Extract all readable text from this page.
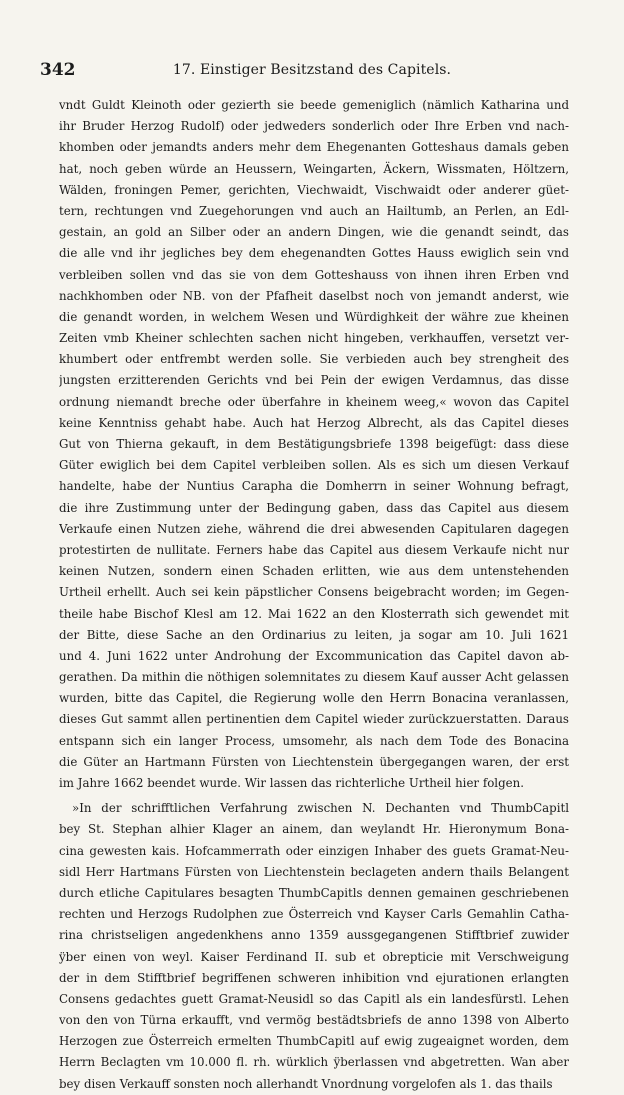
342	17. Einstiger Besitzstand des Capitels.
vndt Guldt Kleinoth oder gezierth sie beede gemeniglich (nämlich Katharina und
ihr Bruder Herzog Rudolf) oder jedweders sonderlich oder Ihre Erben vnd nach-
khomben oder jemandts anders mehr dem Ehegenanten Gotteshaus damals geben
hat, noch geben würde an Heussern, Weingarten, Äckern, Wissmaten, Höltzern,
Wälden, froningen Pemer, gerichten, Viechwaidt, Vischwaidt oder anderer güet-
tern, rechtungen vnd Zuegehorungen vnd auch an Hailtumb, an Perlen, an Edl-
gestain, an gold an Silber oder an andern Dingen, wie die genandt seindt, das
die alle vnd ihr jegliches bey dem ehegenandten Gottes Hauss ewiglich sein vnd
verbleiben sollen vnd das sie von dem Gotteshauss von ihnen ihren Erben vnd
nachkhomben oder NB. von der Pfafheit daselbst noch von jemandt anderst, wie
die genandt worden, in welchem Wesen und Würdighkeit der währe zue kheinen
Zeiten vmb Kheiner schlechten sachen nicht hingeben, verkhauffen, versetzt ver-
khumbert oder entfrembt werden solle. Sie verbieden auch bey strengheit des
jungsten erzitterenden Gerichts vnd bei Pein der ewigen Verdamnus, das disse
ordnung niemandt breche oder überfahre in kheinem weeg,« wovon das Capitel
keine Kenntniss gehabt habe. Auch hat Herzog Albrecht, als das Capitel dieses
Gut von Thierna gekauft, in dem Bestätigungsbriefe 1398 beigefügt: dass diese
Güter ewiglich bei dem Capitel verbleiben sollen. Als es sich um diesen Verkauf
handelte, habe der Nuntius Carapha die Domherrn in seiner Wohnung befragt,
die ihre Zustimmung unter der Bedingung gaben, dass das Capitel aus diesem
Verkaufe einen Nutzen ziehe, während die drei abwesenden Capitularen dagegen
protestirten de nullitate. Ferners habe das Capitel aus diesem Verkaufe nicht nur
keinen Nutzen, sondern einen Schaden erlitten, wie aus dem untenstehenden
Urtheil erhellt. Auch sei kein päpstlicher Consens beigebracht worden; im Gegen-
theile habe Bischof Klesl am 12. Mai 1622 an den Klosterrath sich gewendet mit
der Bitte, diese Sache an den Ordinarius zu leiten, ja sogar am 10. Juli 1621
und 4. Juni 1622 unter Androhung der Excommunication das Capitel davon ab-
gerathen. Da mithin die nöthigen solemnitates zu diesem Kauf ausser Acht gelassen
wurden, bitte das Capitel, die Regierung wolle den Herrn Bonacina veranlassen,
dieses Gut sammt allen pertinentien dem Capitel wieder zurückzuerstatten. Daraus
entspann sich ein langer Process, umsomehr, als nach dem Tode des Bonacina
die Güter an Hartmann Fürsten von Liechtenstein übergegangen waren, der erst
im Jahre 1662 beendet wurde. Wir lassen das richterliche Urtheil hier folgen.
»In der schrifftlichen Verfahrung zwischen N. Dechanten vnd ThumbCapitl
bey St. Stephan alhier Klager an ainem, dan weylandt Hr. Hieronymum Bona-
cina gewesten kais. Hofcammerrath oder einzigen Inhaber des guets Gramat-Neu-
sidl Herr Hartmans Fürsten von Liechtenstein beclageten andern thails Belangent
durch etliche Capitulares besagten ThumbCapitls dennen gemainen geschriebenen
rechten und Herzogs Rudolphen zue Österreich vnd Kayser Carls Gemahlin Catha-
rina christseligen angedenkhens anno 1359 aussgegangenen Stifftbrief zuwider
ÿber einen von weyl. Kaiser Ferdinand II. sub et obrepticie mit Verschweigung
der in dem Stifftbrief begriffenen schweren inhibition vnd ejurationen erlangten
Consens gedachtes guett Gramat-Neusidl so das Capitl als ein landesfürstl. Lehen
von den von Türna erkaufft, vnd vermög bestädtsbriefs de anno 1398 von Alberto
Herzogen zue Österreich ermelten ThumbCapitl auf ewig zugeaignet worden, dem
Herrn Beclagten vm 10.000 fl. rh. würklich ÿberlassen vnd abgetretten. Wan aber
bey disen Verkauff sonsten noch allerhandt Vnordnung vorgelofen als 1. das thails
